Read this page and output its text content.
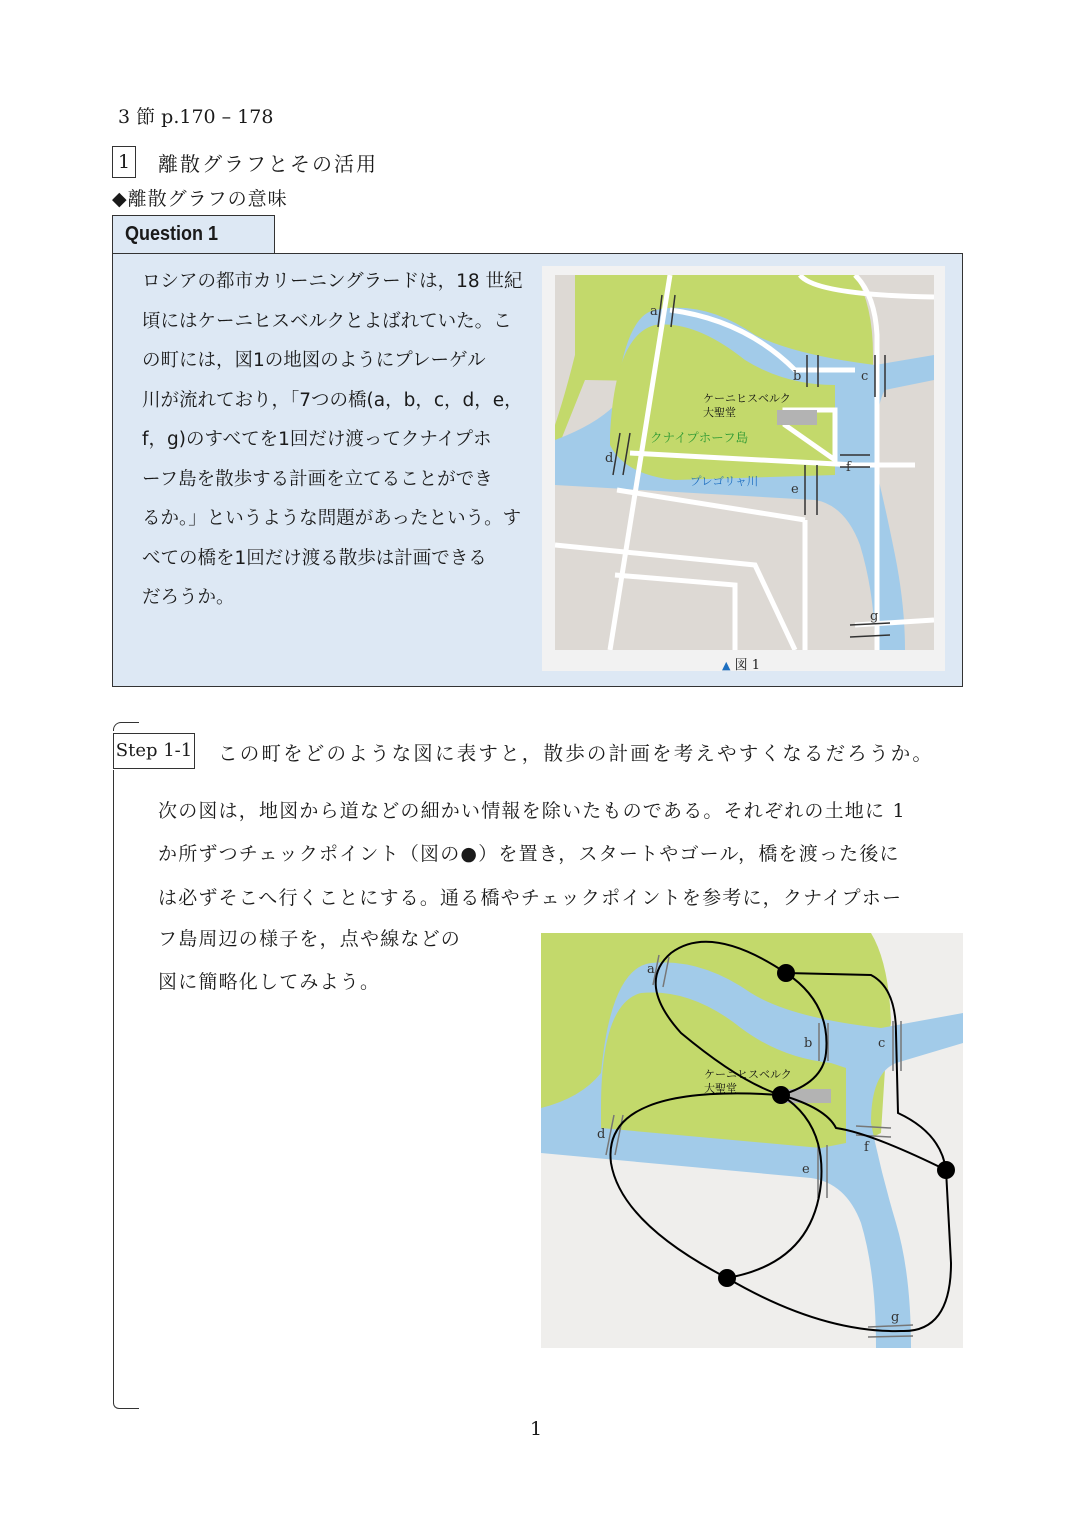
3 節 p.170 – 178
1 離散グラフとその活用
◆離散グラフの意味
Question 1
ロシアの都市カリーニングラードは，18 世紀
頃にはケーニヒスベルクとよばれていた。こ
の町には，図1の地図のようにプレーゲル
川が流れており，「7つの橋(a，b，c，d，e，
f，g)のすべてを1回だけ渡ってクナイプホ
ーフ島を散歩する計画を立てることができ
るか。」というような問題があったという。す
べての橋を1回だけ渡る散歩は計画できる
だろうか。
a
b	c
d
e
f
g
ケーニヒスベルク
大聖堂
クナイプホーフ島
プレゴリャ川
▲ 図 1
Step 1-1 この町をどのような図に表すと，散歩の計画を考えやすくなるだろうか。
次の図は，地図から道などの細かい情報を除いたものである。それぞれの土地に 1
か所ずつチェックポイント（図の●）を置き，スタートやゴール，橋を渡った後に
は必ずそこへ行くことにする。通る橋やチェックポイントを参考に，クナイプホー
フ島周辺の様子を，点や線などの
図に簡略化してみよう。
a
b	c
d
e
f
g
ケーニヒスベルク
大聖堂
1
